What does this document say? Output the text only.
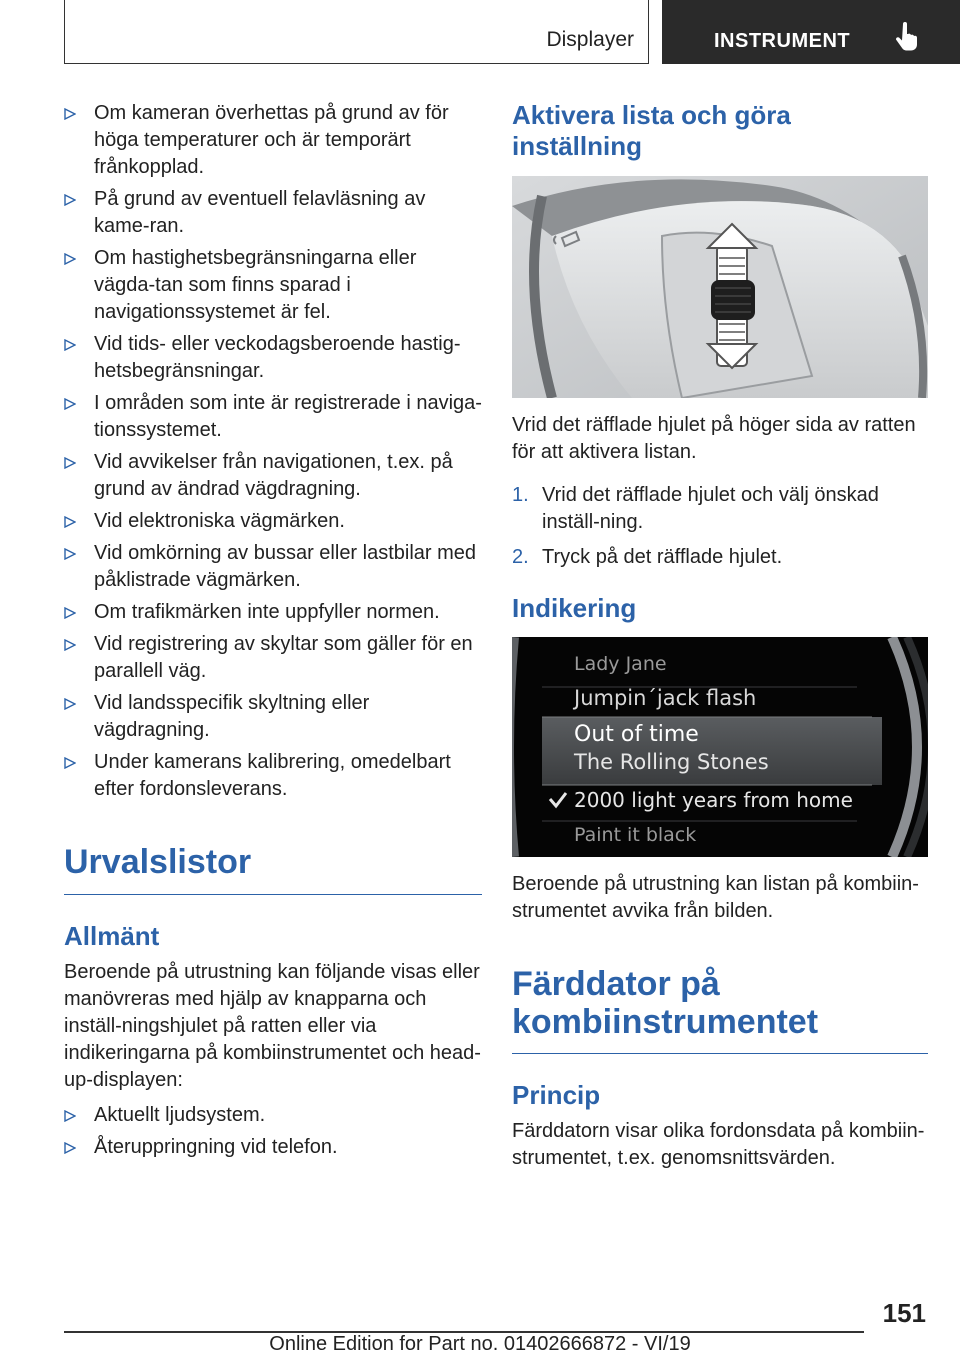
Displayer	INSTRUMENT
Om kameran överhettas på grund av för höga temperaturer och är temporärt frånkopplad.
På grund av eventuell felavläsning av kame‐ran.
Om hastighetsbegränsningarna eller vägda‐tan som finns sparad i navigationssystemet är fel.
Vid tids- eller veckodagsberoende hastig‐hetsbegränsningar.
I områden som inte är registrerade i naviga‐tionssystemet.
Vid avvikelser från navigationen, t.ex. på grund av ändrad vägdragning.
Vid elektroniska vägmärken.
Vid omkörning av bussar eller lastbilar med påklistrade vägmärken.
Om trafikmärken inte uppfyller normen.
Vid registrering av skyltar som gäller för en parallell väg.
Vid landsspecifik skyltning eller vägdragning.
Under kamerans kalibrering, omedelbart efter fordonsleverans.
Urvalslistor
Allmänt

Beroende på utrustning kan följande visas eller manövreras med hjälp av knapparna och inställ‐ningshjulet på ratten eller via indikeringarna på kombiinstrumentet och head-up-displayen:

Aktuellt ljudsystem.
Återuppringning vid telefon.
Aktivera lista och göra inställning

Vrid det räfflade hjulet på höger sida av ratten för att aktivera listan.

1. Vrid det räfflade hjulet och välj önskad inställ‐ning.
2. Tryck på det räfflade hjulet.
Indikering
Lady Jane
Jumpin´jack flash
Out of time
The Rolling Stones
2000 light years from home
Paint it black

Beroende på utrustning kan listan på kombiin‐strumentet avvika från bilden.

Färddator på kombiinstrumentet
Princip

Färddatorn visar olika fordonsdata på kombiin‐strumentet, t.ex. genomsnittsvärden.

151
Online Edition for Part no. 01402666872 - VI/19
